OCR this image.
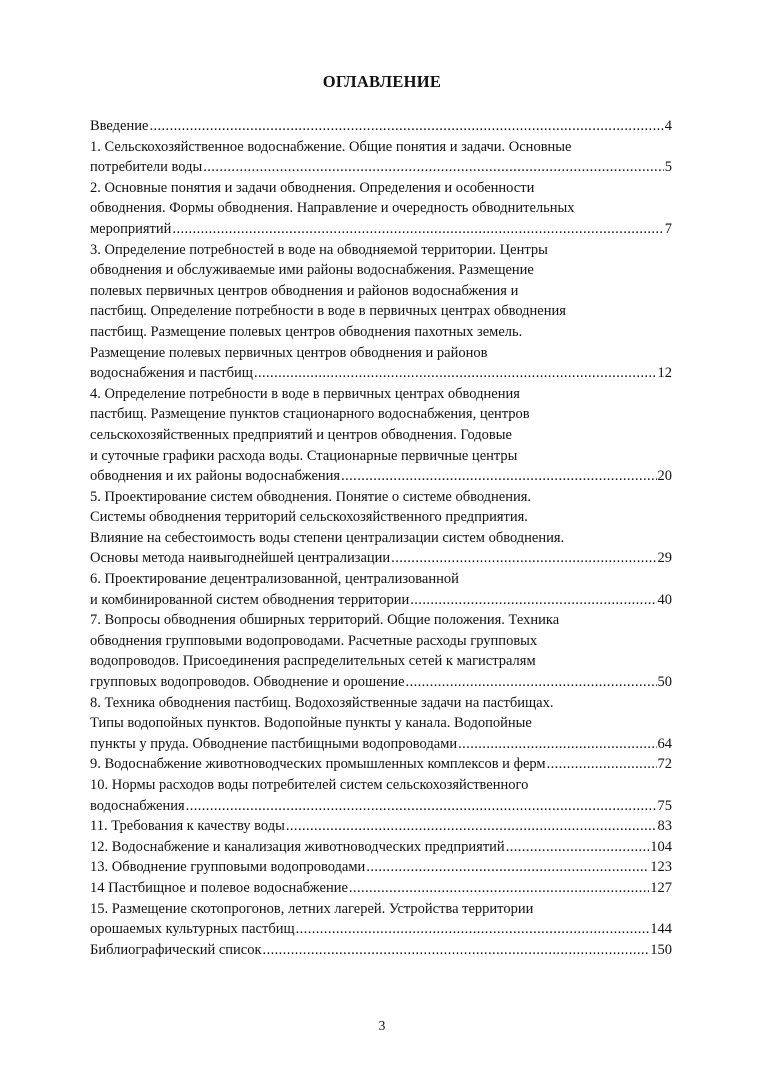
ОГЛАВЛЕНИЕ
Введение .....	4
1. Сельскохозяйственное водоснабжение. Общие понятия и задачи. Основные
потребители воды .....	5
2. Основные понятия и задачи обводнения. Определения и особенности
обводнения. Формы обводнения. Направление и очередность обводнительных
мероприятий .....	7
3. Определение потребностей в воде на обводняемой территории. Центры
обводнения и обслуживаемые ими районы водоснабжения. Размещение
полевых первичных центров обводнения и районов водоснабжения и
пастбищ. Определение потребности в воде в первичных центрах обводнения
пастбищ. Размещение полевых центров обводнения пахотных земель.
Размещение полевых первичных центров обводнения и районов
водоснабжения и пастбищ .....	12
4. Определение потребности в воде в первичных центрах обводнения
пастбищ. Размещение пунктов стационарного водоснабжения, центров
сельскохозяйственных предприятий и центров обводнения. Годовые
и суточные графики расхода воды. Стационарные первичные центры
обводнения и их районы водоснабжения .....	20
5. Проектирование систем обводнения. Понятие о системе обводнения.
Системы обводнения территорий сельскохозяйственного предприятия.
Влияние на себестоимость воды степени централизации систем обводнения.
Основы метода наивыгоднейшей централизации .....	29
6. Проектирование децентрализованной, централизованной
и комбинированной систем обводнения территории .....	40
7. Вопросы обводнения обширных территорий. Общие положения. Техника
обводнения групповыми водопроводами. Расчетные расходы групповых
водопроводов. Присоединения распределительных сетей к магистралям
групповых водопроводов. Обводнение и орошение .....	50
8. Техника обводнения пастбищ. Водохозяйственные задачи на пастбищах.
Типы водопойных пунктов. Водопойные пункты у канала. Водопойные
пункты у пруда. Обводнение пастбищными водопроводами .....	64
9. Водоснабжение животноводческих промышленных комплексов и ферм .....	72
10. Нормы расходов воды потребителей систем сельскохозяйственного
водоснабжения .....	75
11. Требования к качеству воды .....	83
12. Водоснабжение и канализация животноводческих предприятий .....	104
13. Обводнение групповыми водопроводами .....	123
14 Пастбищное и полевое водоснабжение .....	127
15. Размещение скотопрогонов, летних лагерей. Устройства территории
орошаемых культурных пастбищ .....	144
Библиографический список .....	150
3
